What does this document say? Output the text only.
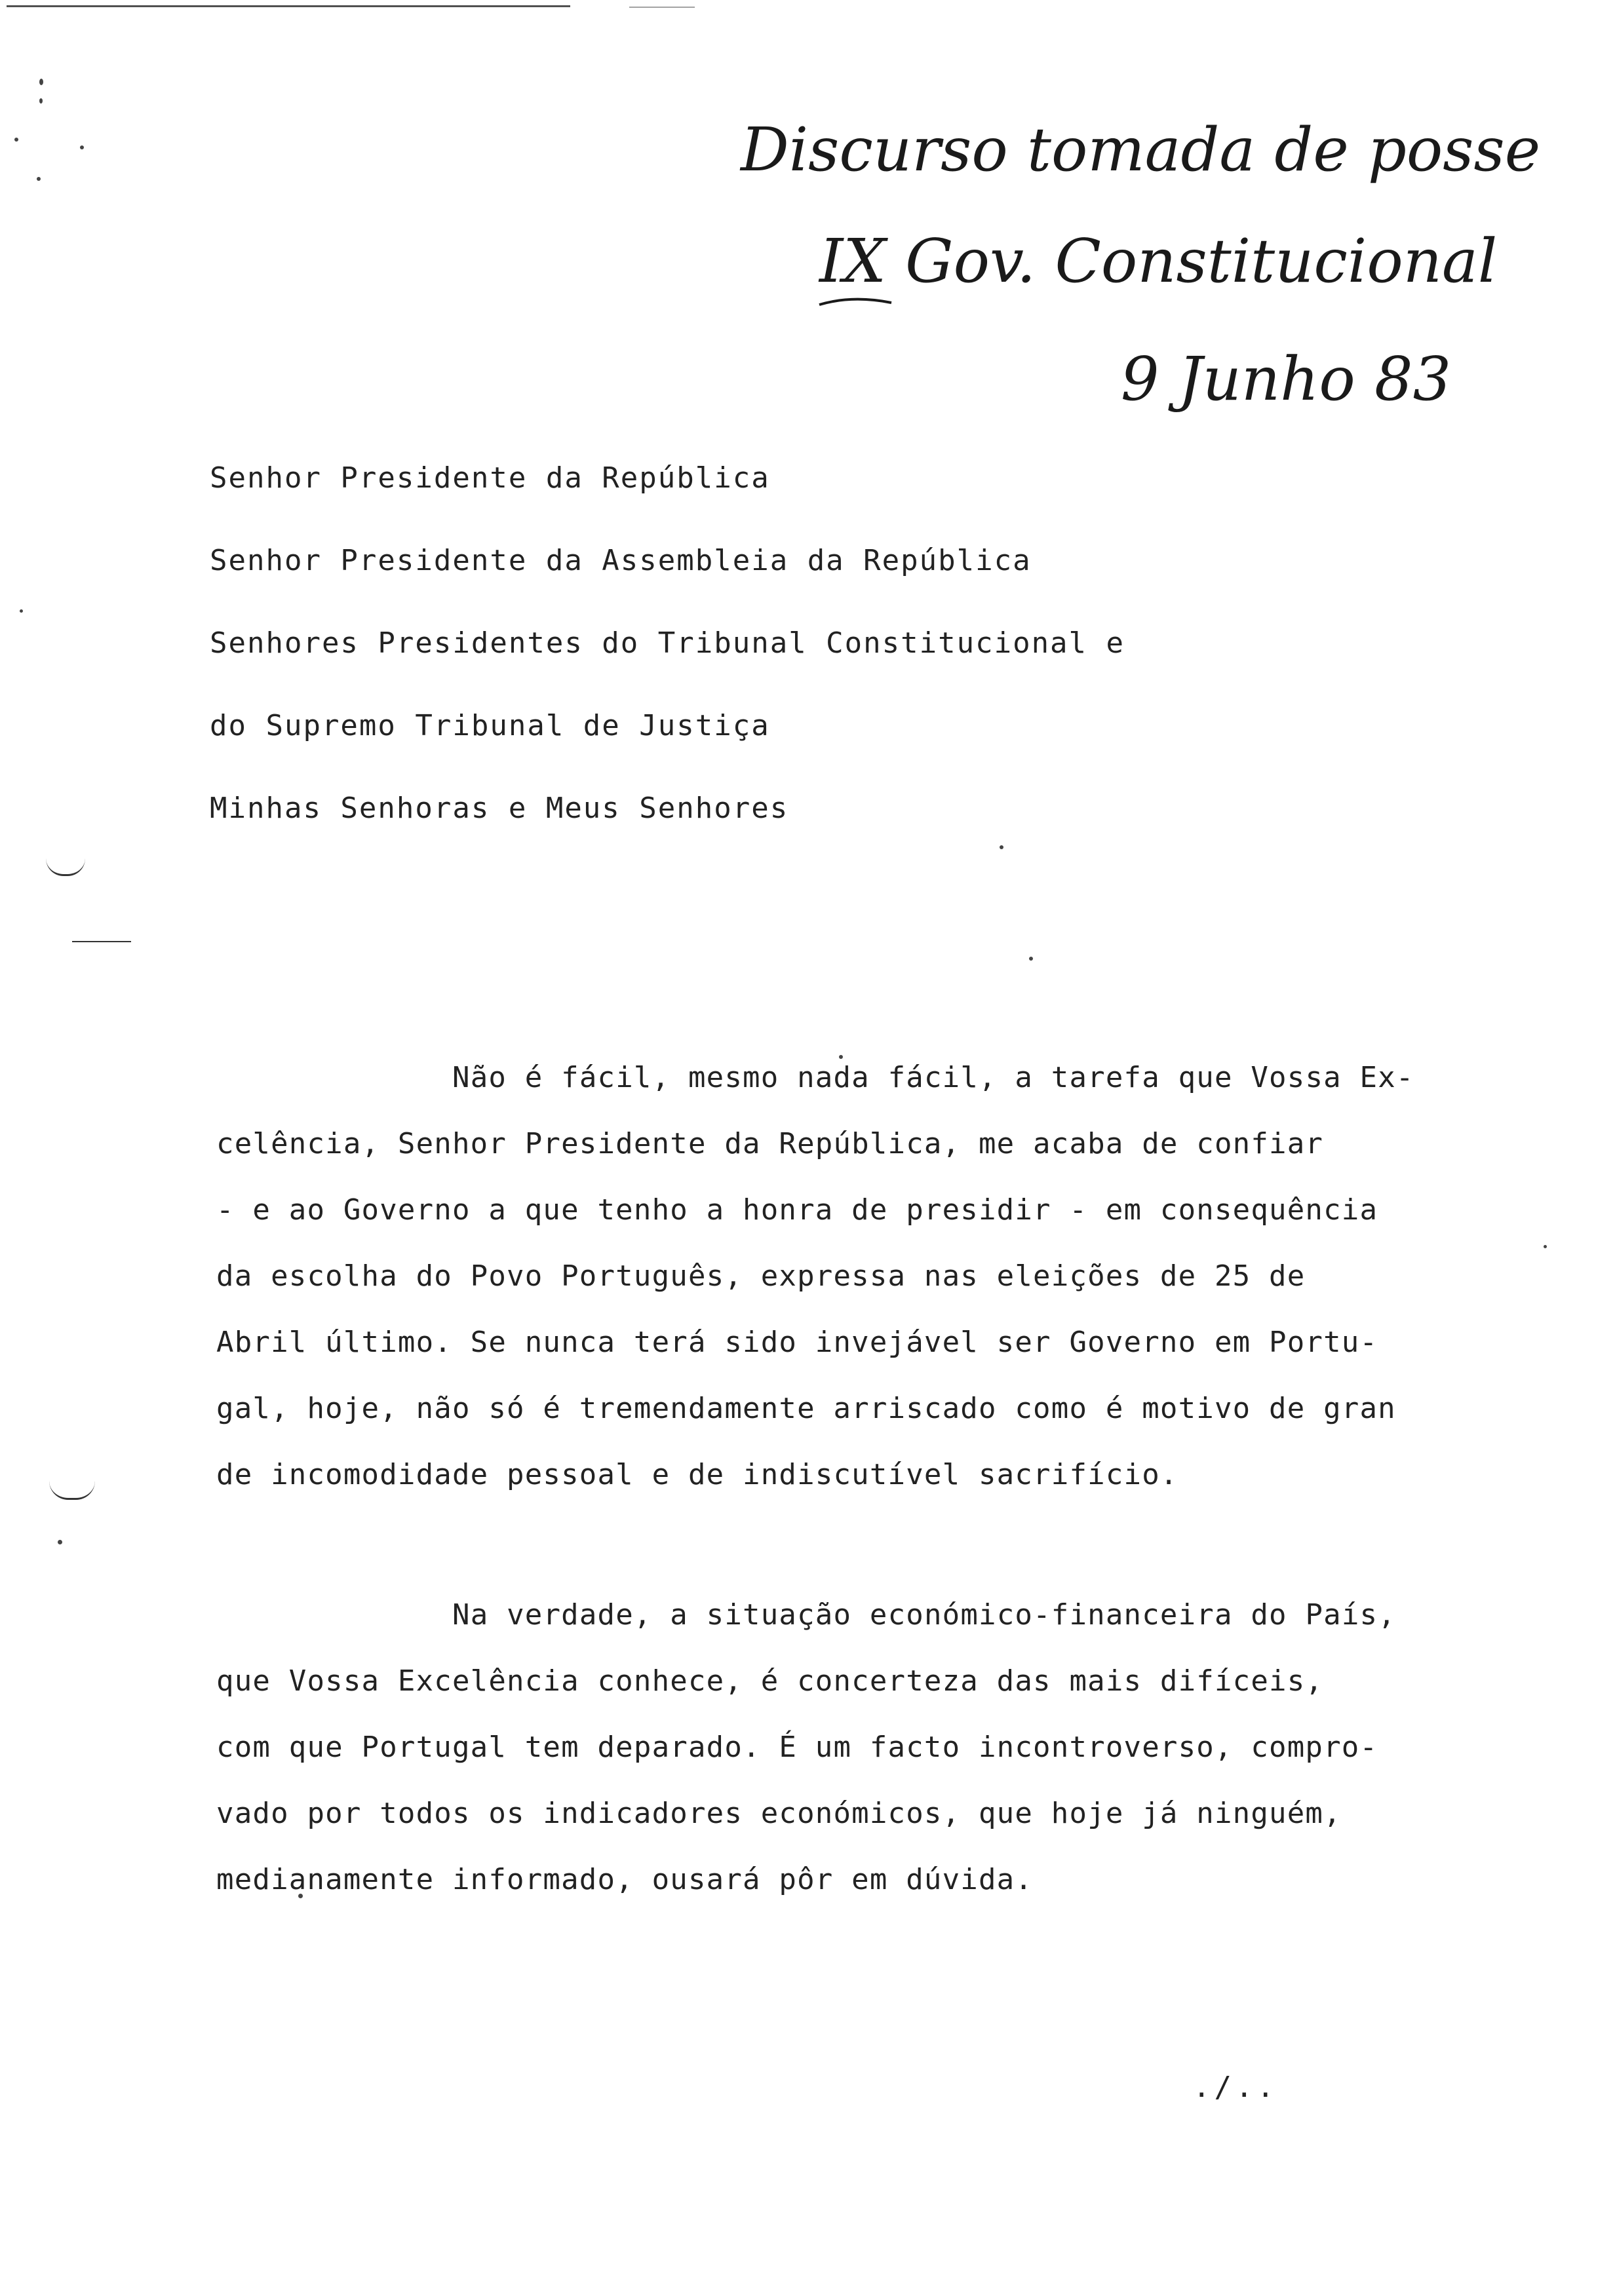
Discurso tomada de posse
IX Gov. Constitucional
9 Junho 83
Senhor Presidente da República
Senhor Presidente da Assembleia da República
Senhores Presidentes do Tribunal Constitucional e
do Supremo Tribunal de Justiça
Minhas Senhoras e Meus Senhores
Não é fácil, mesmo nada fácil, a tarefa que Vossa Ex-
celência, Senhor Presidente da República, me acaba de confiar
- e ao Governo a que tenho a honra de presidir - em consequência
da escolha do Povo Português, expressa nas eleições de 25 de
Abril último. Se nunca terá sido invejável ser Governo em Portu-
gal, hoje, não só é tremendamente arriscado como é motivo de gran
de incomodidade pessoal e de indiscutível sacrifício.
Na verdade, a situação económico-financeira do País,
que Vossa Excelência conhece, é concerteza das mais difíceis,
com que Portugal tem deparado. É um facto incontroverso, compro-
vado por todos os indicadores económicos, que hoje já ninguém,
medianamente informado, ousará pôr em dúvida.
./..
